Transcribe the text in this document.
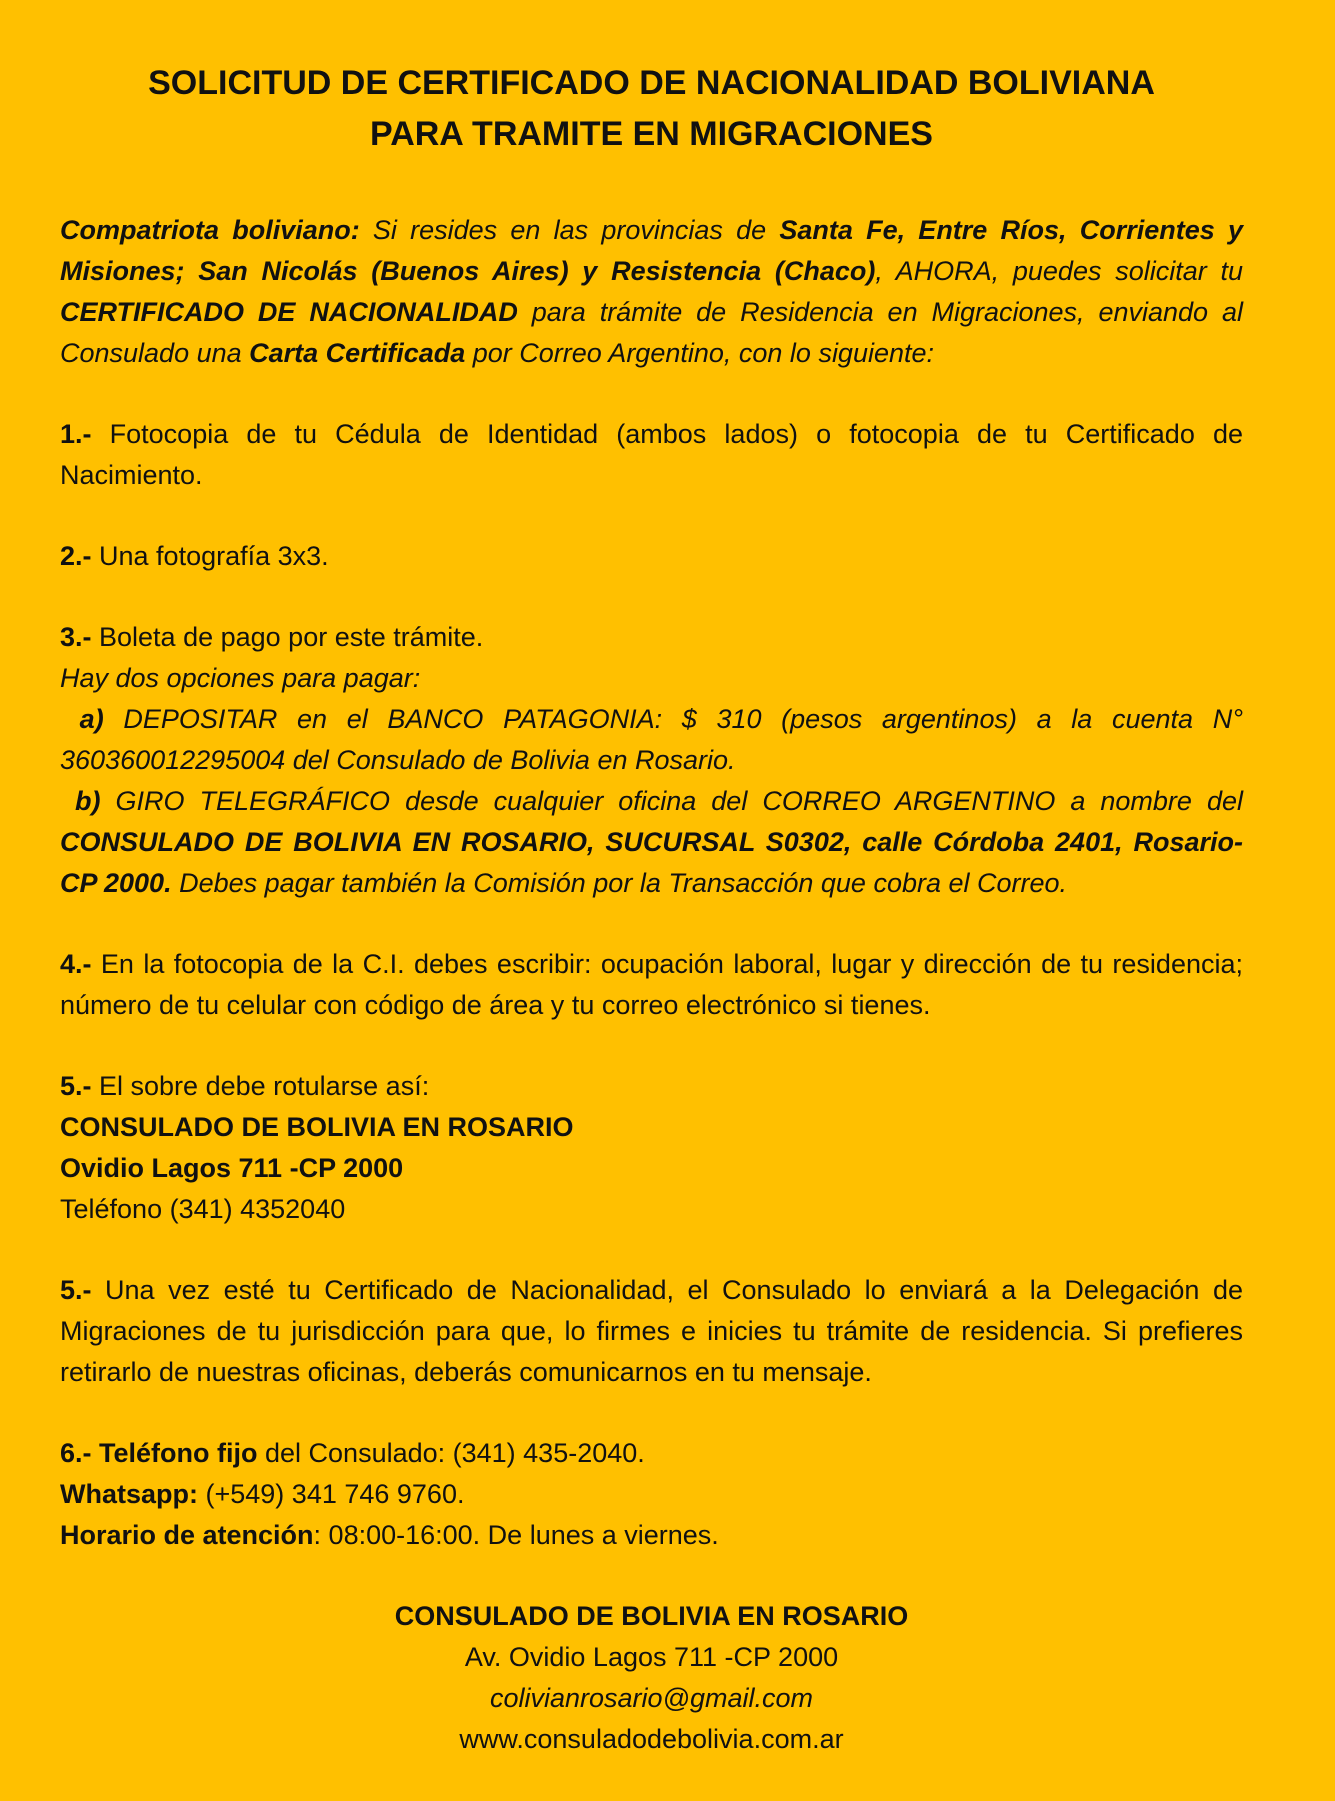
SOLICITUD DE CERTIFICADO DE NACIONALIDAD BOLIVIANA
PARA TRAMITE EN MIGRACIONES

Compatriota boliviano: Si resides en las provincias de Santa Fe, Entre Ríos, Corrientes y Misiones; San Nicolás (Buenos Aires) y Resistencia (Chaco), AHORA, puedes solicitar tu CERTIFICADO DE NACIONALIDAD para trámite de Residencia en Migraciones, enviando al Consulado una Carta Certificada por Correo Argentino, con lo siguiente:

1.- Fotocopia de tu Cédula de Identidad (ambos lados) o fotocopia de tu Certificado de Nacimiento.

2.- Una fotografía 3x3.

3.- Boleta de pago por este trámite.

Hay dos opciones para pagar:

a) DEPOSITAR en el BANCO PATAGONIA: $ 310 (pesos argentinos) a la cuenta N° 360360012295004 del Consulado de Bolivia en Rosario.

b) GIRO TELEGRÁFICO desde cualquier oficina del CORREO ARGENTINO a nombre del CONSULADO DE BOLIVIA EN ROSARIO, SUCURSAL S0302, calle Córdoba 2401, Rosario-CP 2000. Debes pagar también la Comisión por la Transacción que cobra el Correo.

4.- En la fotocopia de la C.I. debes escribir: ocupación laboral, lugar y dirección de tu residencia; número de tu celular con código de área y tu correo electrónico si tienes.

5.- El sobre debe rotularse así:

CONSULADO DE BOLIVIA EN ROSARIO

Ovidio Lagos 711 -CP 2000

Teléfono (341) 4352040

5.- Una vez esté tu Certificado de Nacionalidad, el Consulado lo enviará a la Delegación de Migraciones de tu jurisdicción para que, lo firmes e inicies tu trámite de residencia. Si prefieres retirarlo de nuestras oficinas, deberás comunicarnos en tu mensaje.

6.- Teléfono fijo del Consulado: (341) 435-2040.

Whatsapp: (+549) 341 746 9760.

Horario de atención: 08:00-16:00. De lunes a viernes.

CONSULADO DE BOLIVIA EN ROSARIO
Av. Ovidio Lagos 711 -CP 2000
colivianrosario@gmail.com
www.consuladodebolivia.com.ar
